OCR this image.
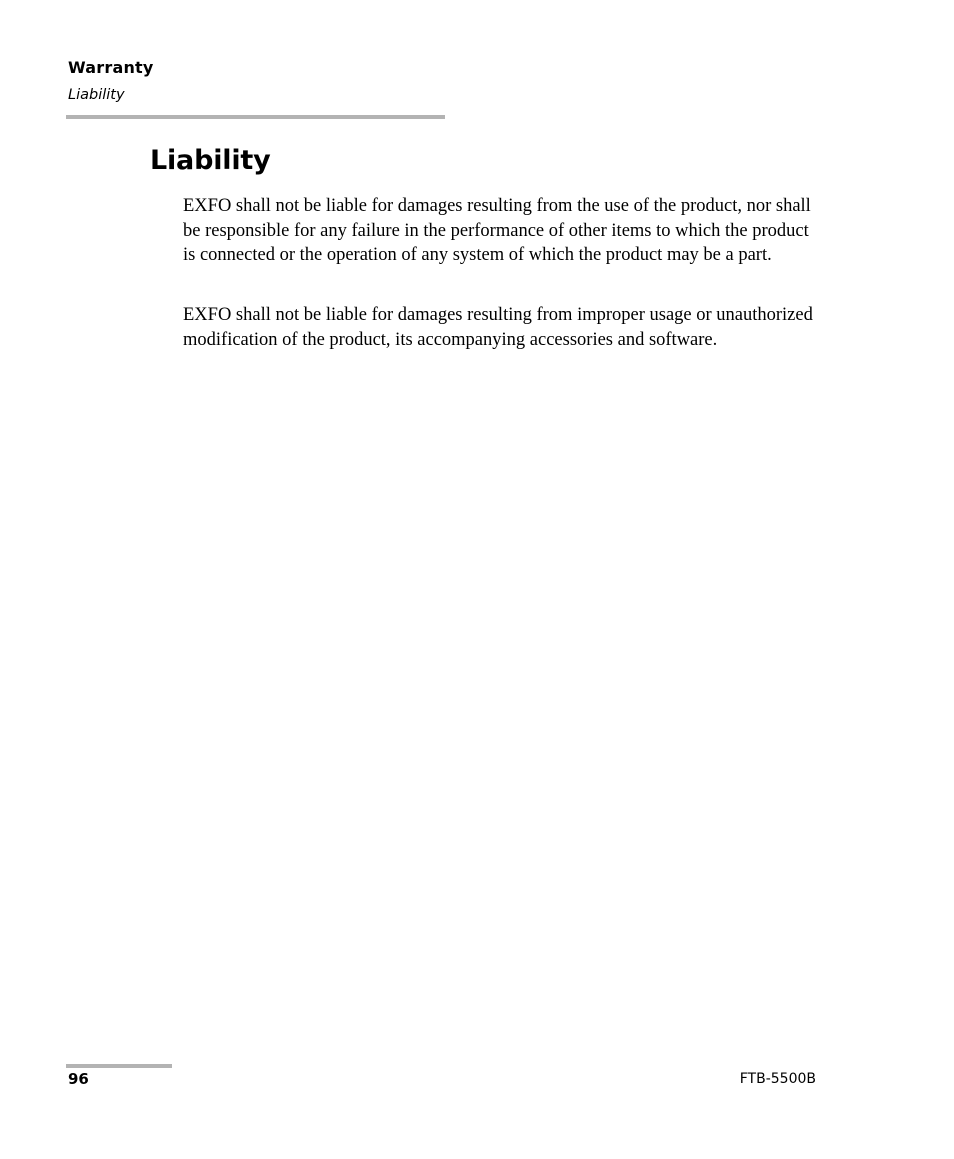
Warranty
Liability
Liability

EXFO shall not be liable for damages resulting from the use of the product, nor shall be responsible for any failure in the performance of other items to which the product is connected or the operation of any system of which the product may be a part.

EXFO shall not be liable for damages resulting from improper usage or unauthorized modification of the product, its accompanying accessories and software.

96	FTB-5500B
